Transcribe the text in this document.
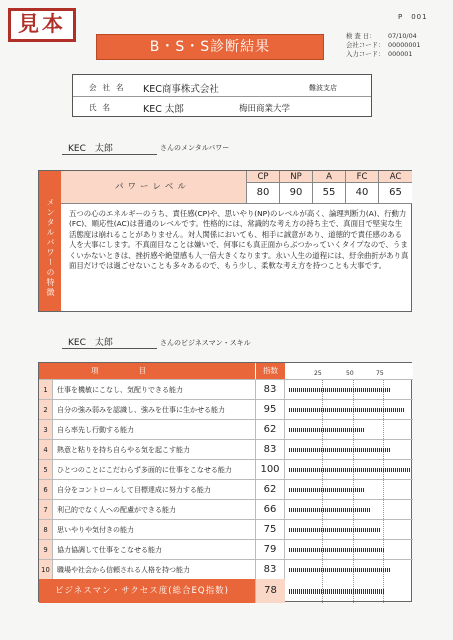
見本	P　001
B・S・S診断結果
検 査 日：	07/10/04
会社コード： 00000001
入力コード： 000001
会社名 KEC商事株式会社	難波支店
氏名	KEC 太郎	梅田商業大学
KEC　太郎	さんのメンタルパワー
メンタルパワーの特徴
パワーレベル
CP	NP	A	FC	AC
80	90	55	40	65
五つの心のエネルギーのうち、責任感(CP)や、思いやり(NP)のレベルが高く、論理判断力(A)、行動力(FC)、順応性(AC)は普通のレベルです。性格的には、常識的な考え方の持ち主で、真面目で堅実な生活態度は崩れることがありません。対人関係においても、相手に誠意があり、道徳的で責任感のある人を大事にします。不真面目なことは嫌いで、何事にも真正面からぶつかっていくタイプなので、うまくいかないときは、挫折感や絶望感も人一倍大きくなります。永い人生の道程には、紆余曲折があり真面目だけでは過ごせないことも多々あるので、もう少し、柔軟な考え方を持つことも大事です。
KEC　太郎	さんのビジネスマン・スキル
項目	指数	25	50	75
1	仕事を機敏にこなし、気配りできる能力	83
2	自分の強み弱みを認識し、強みを仕事に生かせる能力	95
3	自ら率先し行動する能力	62
4	熱意と粘りを持ち自らやる気を起こす能力	83
5	ひとつのことにこだわらず多面的に仕事をこなせる能力	100
6	自分をコントロールして目標達成に努力する能力	62
7	利己的でなく人への配慮ができる能力	66
8	思いやりや気付きの能力	75
9	協力協調して仕事をこなせる能力	79
10	職場や社会から信頼される人格を持つ能力	83
ビジネスマン・サクセス度(総合EQ指数)	78
